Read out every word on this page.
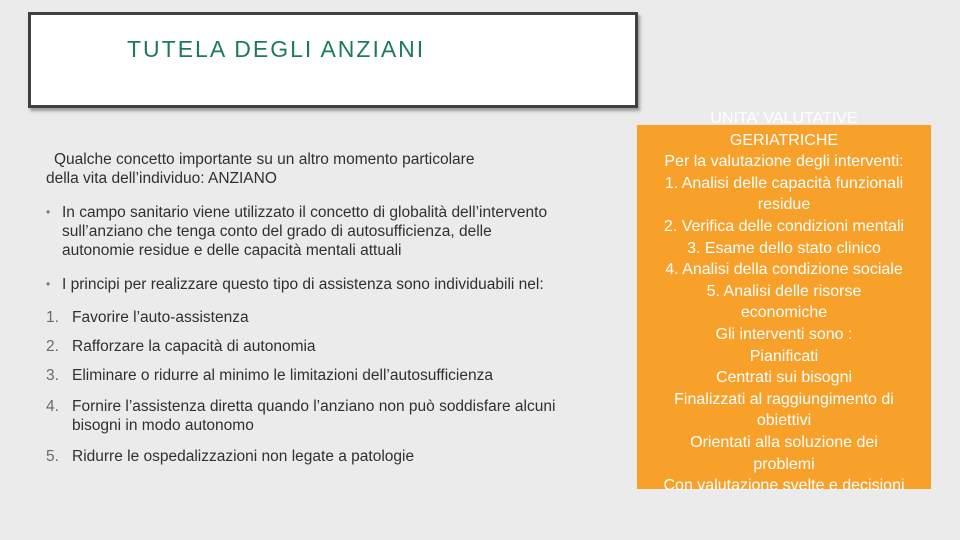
TUTELA DEGLI ANZIANI

Qualche concetto importante su un altro momento particolare
della vita dell’individuo: ANZIANO

• In campo sanitario viene utilizzato il concetto di globalità dell’intervento sull’anziano che tenga conto del grado di autosufficienza, delle autonomie residue e delle capacità mentali attuali
• I principi per realizzare questo tipo di assistenza sono individuabili nel:
1. Favorire l’auto-assistenza
2. Rafforzare la capacità di autonomia
3. Eliminare o ridurre al minimo le limitazioni dell’autosufficienza
4. Fornire l’assistenza diretta quando l’anziano non può soddisfare alcuni bisogni in modo autonomo
5. Ridurre le ospedalizzazioni non legate a patologie
UNITA’ VALUTATIVE
GERIATRICHE
Per la valutazione degli interventi:
1. Analisi delle capacità funzionali
residue
2. Verifica delle condizioni mentali
3. Esame dello stato clinico
4. Analisi della condizione sociale
5. Analisi delle risorse
economiche
Gli interventi sono :
Pianificati
Centrati sui bisogni
Finalizzati al raggiungimento di
obiettivi
Orientati alla soluzione dei
problemi
Con valutazione svelte e decisioni
